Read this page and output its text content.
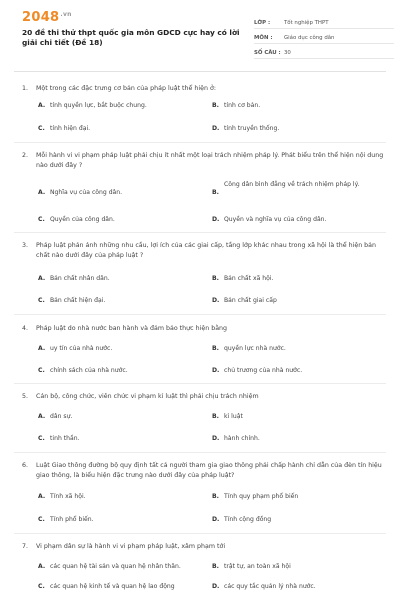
$2048^{.vn}$
20 đề thi thử thpt quốc gia môn GDCD cực hay có lời giải chi tiết (Đề 18)
LỚP :	Tốt nghiệp THPT
MÔN :	Giáo dục công dân
SỐ CÂU : 30
1. Một trong các đặc trưng cơ bản của pháp luật thể hiện ở:
A. tính quyền lực, bắt buộc chung.	B. tính cơ bản.
C. tính hiện đại.	D. tính truyền thống.
2. Mỗi hành vi vi phạm pháp luật phải chịu ít nhất một loại trách nhiệm pháp lý. Phát biểu trên thể hiện nội dung nào dưới đây ?
A. Nghĩa vụ của công dân.	B.
Công dân bình đẳng về trách nhiệm pháp lý.
C. Quyền của công dân.	D. Quyền và nghĩa vụ của công dân.
3. Pháp luật phản ánh những nhu cầu, lợi ích của các giai cấp, tầng lớp khác nhau trong xã hội là thể hiện bản chất nào dưới đây của pháp luật ?
A. Bản chất nhân dân.	B. Bản chất xã hội.
C. Bản chất hiện đại.	D. Bản chất giai cấp
4. Pháp luật do nhà nước ban hành và đảm bảo thực hiện bằng
A. uy tín của nhà nước.	B. quyền lực nhà nước.
C. chính sách của nhà nước.	D. chủ trương của nhà nước.
5. Cán bộ, công chức, viên chức vi phạm kỉ luật thì phải chịu trách nhiệm
A. dân sự.	B. kỉ luật
C. tinh thần.	D. hành chính.
6. Luật Giao thông đường bộ quy định tất cả người tham gia giao thông phải chấp hành chỉ dẫn của đèn tín hiệu giao thông, là biểu hiện đặc trưng nào dưới đây của pháp luật?
A. Tính xã hội.	B. Tính quy phạm phổ biến
C. Tính phổ biến.	D. Tính cộng đồng
7. Vi phạm dân sự là hành vi vi phạm pháp luật, xâm phạm tới
A. các quan hệ tài sản và quan hệ nhân thân.	B. trật tự, an toàn xã hội
C. các quan hệ kinh tế và quan hệ lao động	D. các quy tắc quản lý nhà nước.
